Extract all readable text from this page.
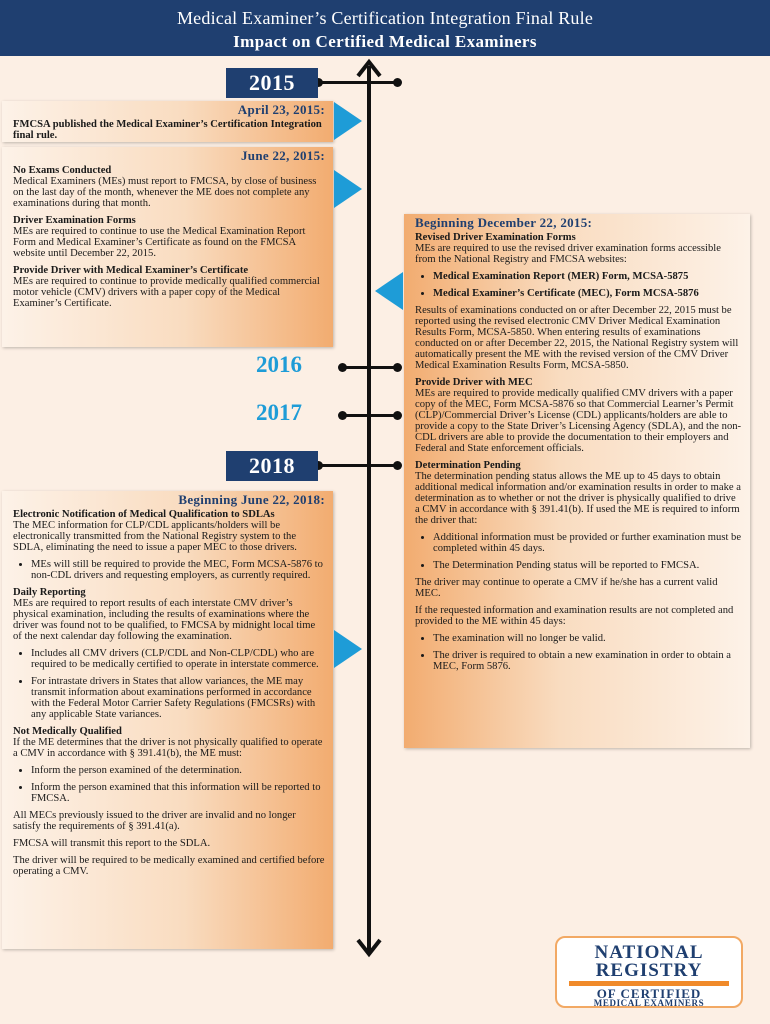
Medical Examiner’s Certification Integration Final Rule
Impact on Certified Medical Examiners
2015
2016
2017
2018
April 23, 2015:
FMCSA published the Medical Examiner’s Certification Integration final rule.
June 22, 2015:
No Exams Conducted
Medical Examiners (MEs) must report to FMCSA, by close of business on the last day of the month, whenever the ME does not complete any examinations during that month.
Driver Examination Forms
MEs are required to continue to use the Medical Examination Report Form and Medical Examiner’s Certificate as found on the FMCSA website until December 22, 2015.
Provide Driver with Medical Examiner’s Certificate
MEs are required to continue to provide medically qualified commercial motor vehicle (CMV) drivers with a paper copy of the Medical Examiner’s Certificate.
Beginning December 22, 2015:
Revised Driver Examination Forms
MEs are required to use the revised driver examination forms accessible from the National Registry and FMCSA websites:
• Medical Examination Report (MER) Form, MCSA-5875
• Medical Examiner’s Certificate (MEC), Form MCSA-5876
Results of examinations conducted on or after December 22, 2015 must be reported using the revised electronic CMV Driver Medical Examination Results Form, MCSA-5850. When entering results of examinations conducted on or after December 22, 2015, the National Registry system will automatically present the ME with the revised version of the CMV Driver Medical Examination Results Form, MCSA-5850.
Provide Driver with MEC
MEs are required to provide medically qualified CMV drivers with a paper copy of the MEC, Form MCSA-5876 so that Commercial Learner’s Permit (CLP)/Commercial Driver’s License (CDL) applicants/holders are able to provide a copy to the State Driver’s Licensing Agency (SDLA), and the non-CDL drivers are able to provide the documentation to their employers and Federal and State enforcement officials.
Determination Pending
The determination pending status allows the ME up to 45 days to obtain additional medical information and/or examination results in order to make a determination as to whether or not the driver is physically qualified to drive a CMV in accordance with § 391.41(b). If used the ME is required to inform the driver that:
• Additional information must be provided or further examination must be completed within 45 days.
• The Determination Pending status will be reported to FMCSA.
The driver may continue to operate a CMV if he/she has a current valid MEC.
If the requested information and examination results are not completed and provided to the ME within 45 days:
• The examination will no longer be valid.
• The driver is required to obtain a new examination in order to obtain a MEC, Form 5876.
Beginning June 22, 2018:
Electronic Notification of Medical Qualification to SDLAs
The MEC information for CLP/CDL applicants/holders will be electronically transmitted from the National Registry system to the SDLA, eliminating the need to issue a paper MEC to those drivers.
• MEs will still be required to provide the MEC, Form MCSA-5876 to non-CDL drivers and requesting employers, as currently required.
Daily Reporting
MEs are required to report results of each interstate CMV driver’s physical examination, including the results of examinations where the driver was found not to be qualified, to FMCSA by midnight local time of the next calendar day following the examination.
• Includes all CMV drivers (CLP/CDL and Non-CLP/CDL) who are required to be medically certified to operate in interstate commerce.
• For intrastate drivers in States that allow variances, the ME may transmit information about examinations performed in accordance with the Federal Motor Carrier Safety Regulations (FMCSRs) with any applicable State variances.
Not Medically Qualified
If the ME determines that the driver is not physically qualified to operate a CMV in accordance with § 391.41(b), the ME must:
• Inform the person examined of the determination.
• Inform the person examined that this information will be reported to FMCSA.
All MECs previously issued to the driver are invalid and no longer satisfy the requirements of § 391.41(a).
FMCSA will transmit this report to the SDLA.
The driver will be required to be medically examined and certified before operating a CMV.
NATIONAL
REGISTRY
OF CERTIFIED
MEDICAL EXAMINERS
